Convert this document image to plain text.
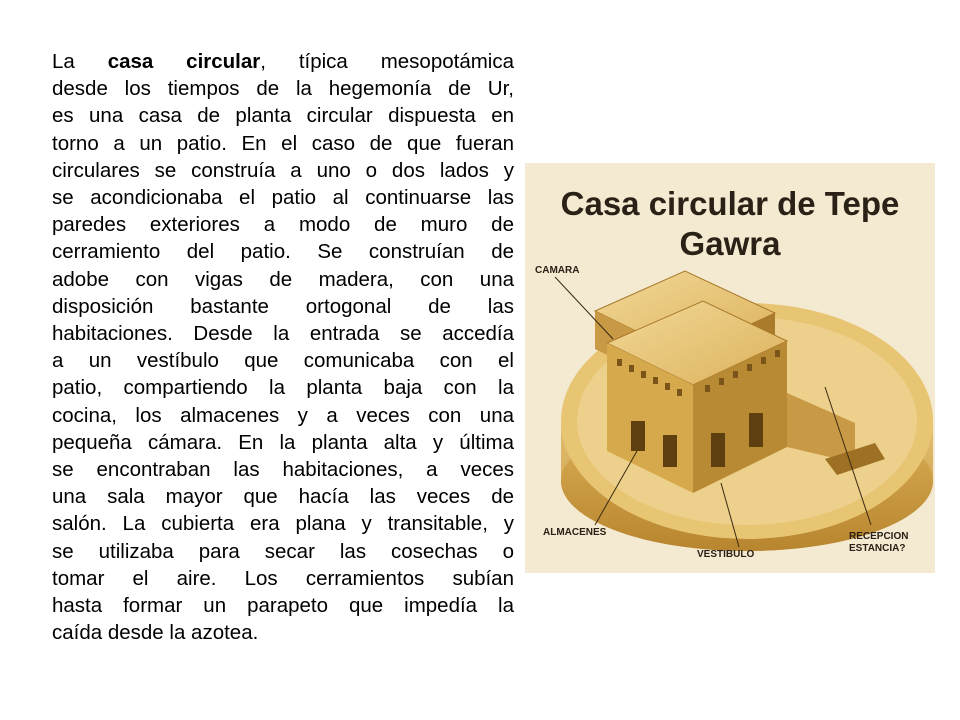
La casa circular, típica mesopotámica
desde los tiempos de la hegemonía de Ur,
es una casa de planta circular dispuesta en
torno a un patio. En el caso de que fueran
circulares se construía a uno o dos lados y
se acondicionaba el patio al continuarse las
paredes exteriores a modo de muro de
cerramiento del patio. Se construían de
adobe con vigas de madera, con una
disposición bastante ortogonal de las
habitaciones. Desde la entrada se accedía
a un vestíbulo que comunicaba con el
patio, compartiendo la planta baja con la
cocina, los almacenes y a veces con una
pequeña cámara. En la planta alta y última
se encontraban las habitaciones, a veces
una sala mayor que hacía las veces de
salón. La cubierta era plana y transitable, y
se utilizaba para secar las cosechas o
tomar el aire. Los cerramientos subían
hasta formar un parapeto que impedía la
caída desde la azotea.
Casa circular de Tepe
Gawra
CAMARA
ALMACENES
VESTIBULO
RECEPCION
ESTANCIA?
